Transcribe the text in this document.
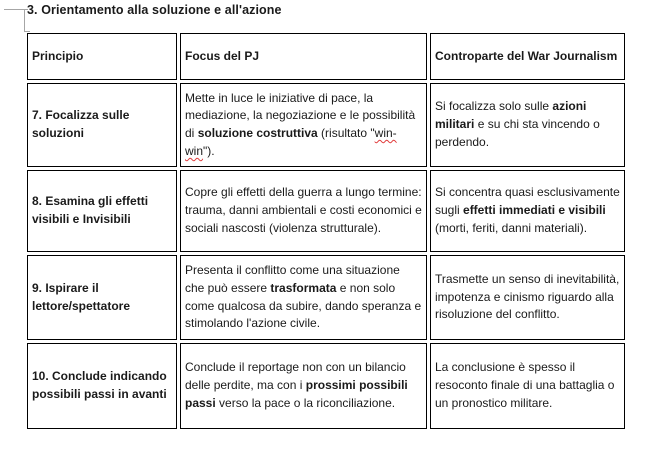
3. Orientamento alla soluzione e all'azione
Principio	Focus del PJ	Controparte del War Journalism
7. Focalizza sulle soluzioni	Mette in luce le iniziative di pace, la mediazione, la negoziazione e le possibilità di soluzione costruttiva (risultato "win-win").	Si focalizza solo sulle azioni militari e su chi sta vincendo o perdendo.
8. Esamina gli effetti visibili e Invisibili	Copre gli effetti della guerra a lungo termine: trauma, danni ambientali e costi economici e sociali nascosti (violenza strutturale).	Si concentra quasi esclusivamente sugli effetti immediati e visibili (morti, feriti, danni materiali).
9. Ispirare il lettore/spettatore	Presenta il conflitto come una situazione che può essere trasformata e non solo come qualcosa da subire, dando speranza e stimolando l'azione civile.	Trasmette un senso di inevitabilità, impotenza e cinismo riguardo alla risoluzione del conflitto.
10. Conclude indicando possibili passi in avanti	Conclude il reportage non con un bilancio delle perdite, ma con i prossimi possibili passi verso la pace o la riconciliazione.	La conclusione è spesso il resoconto finale di una battaglia o un pronostico militare.
